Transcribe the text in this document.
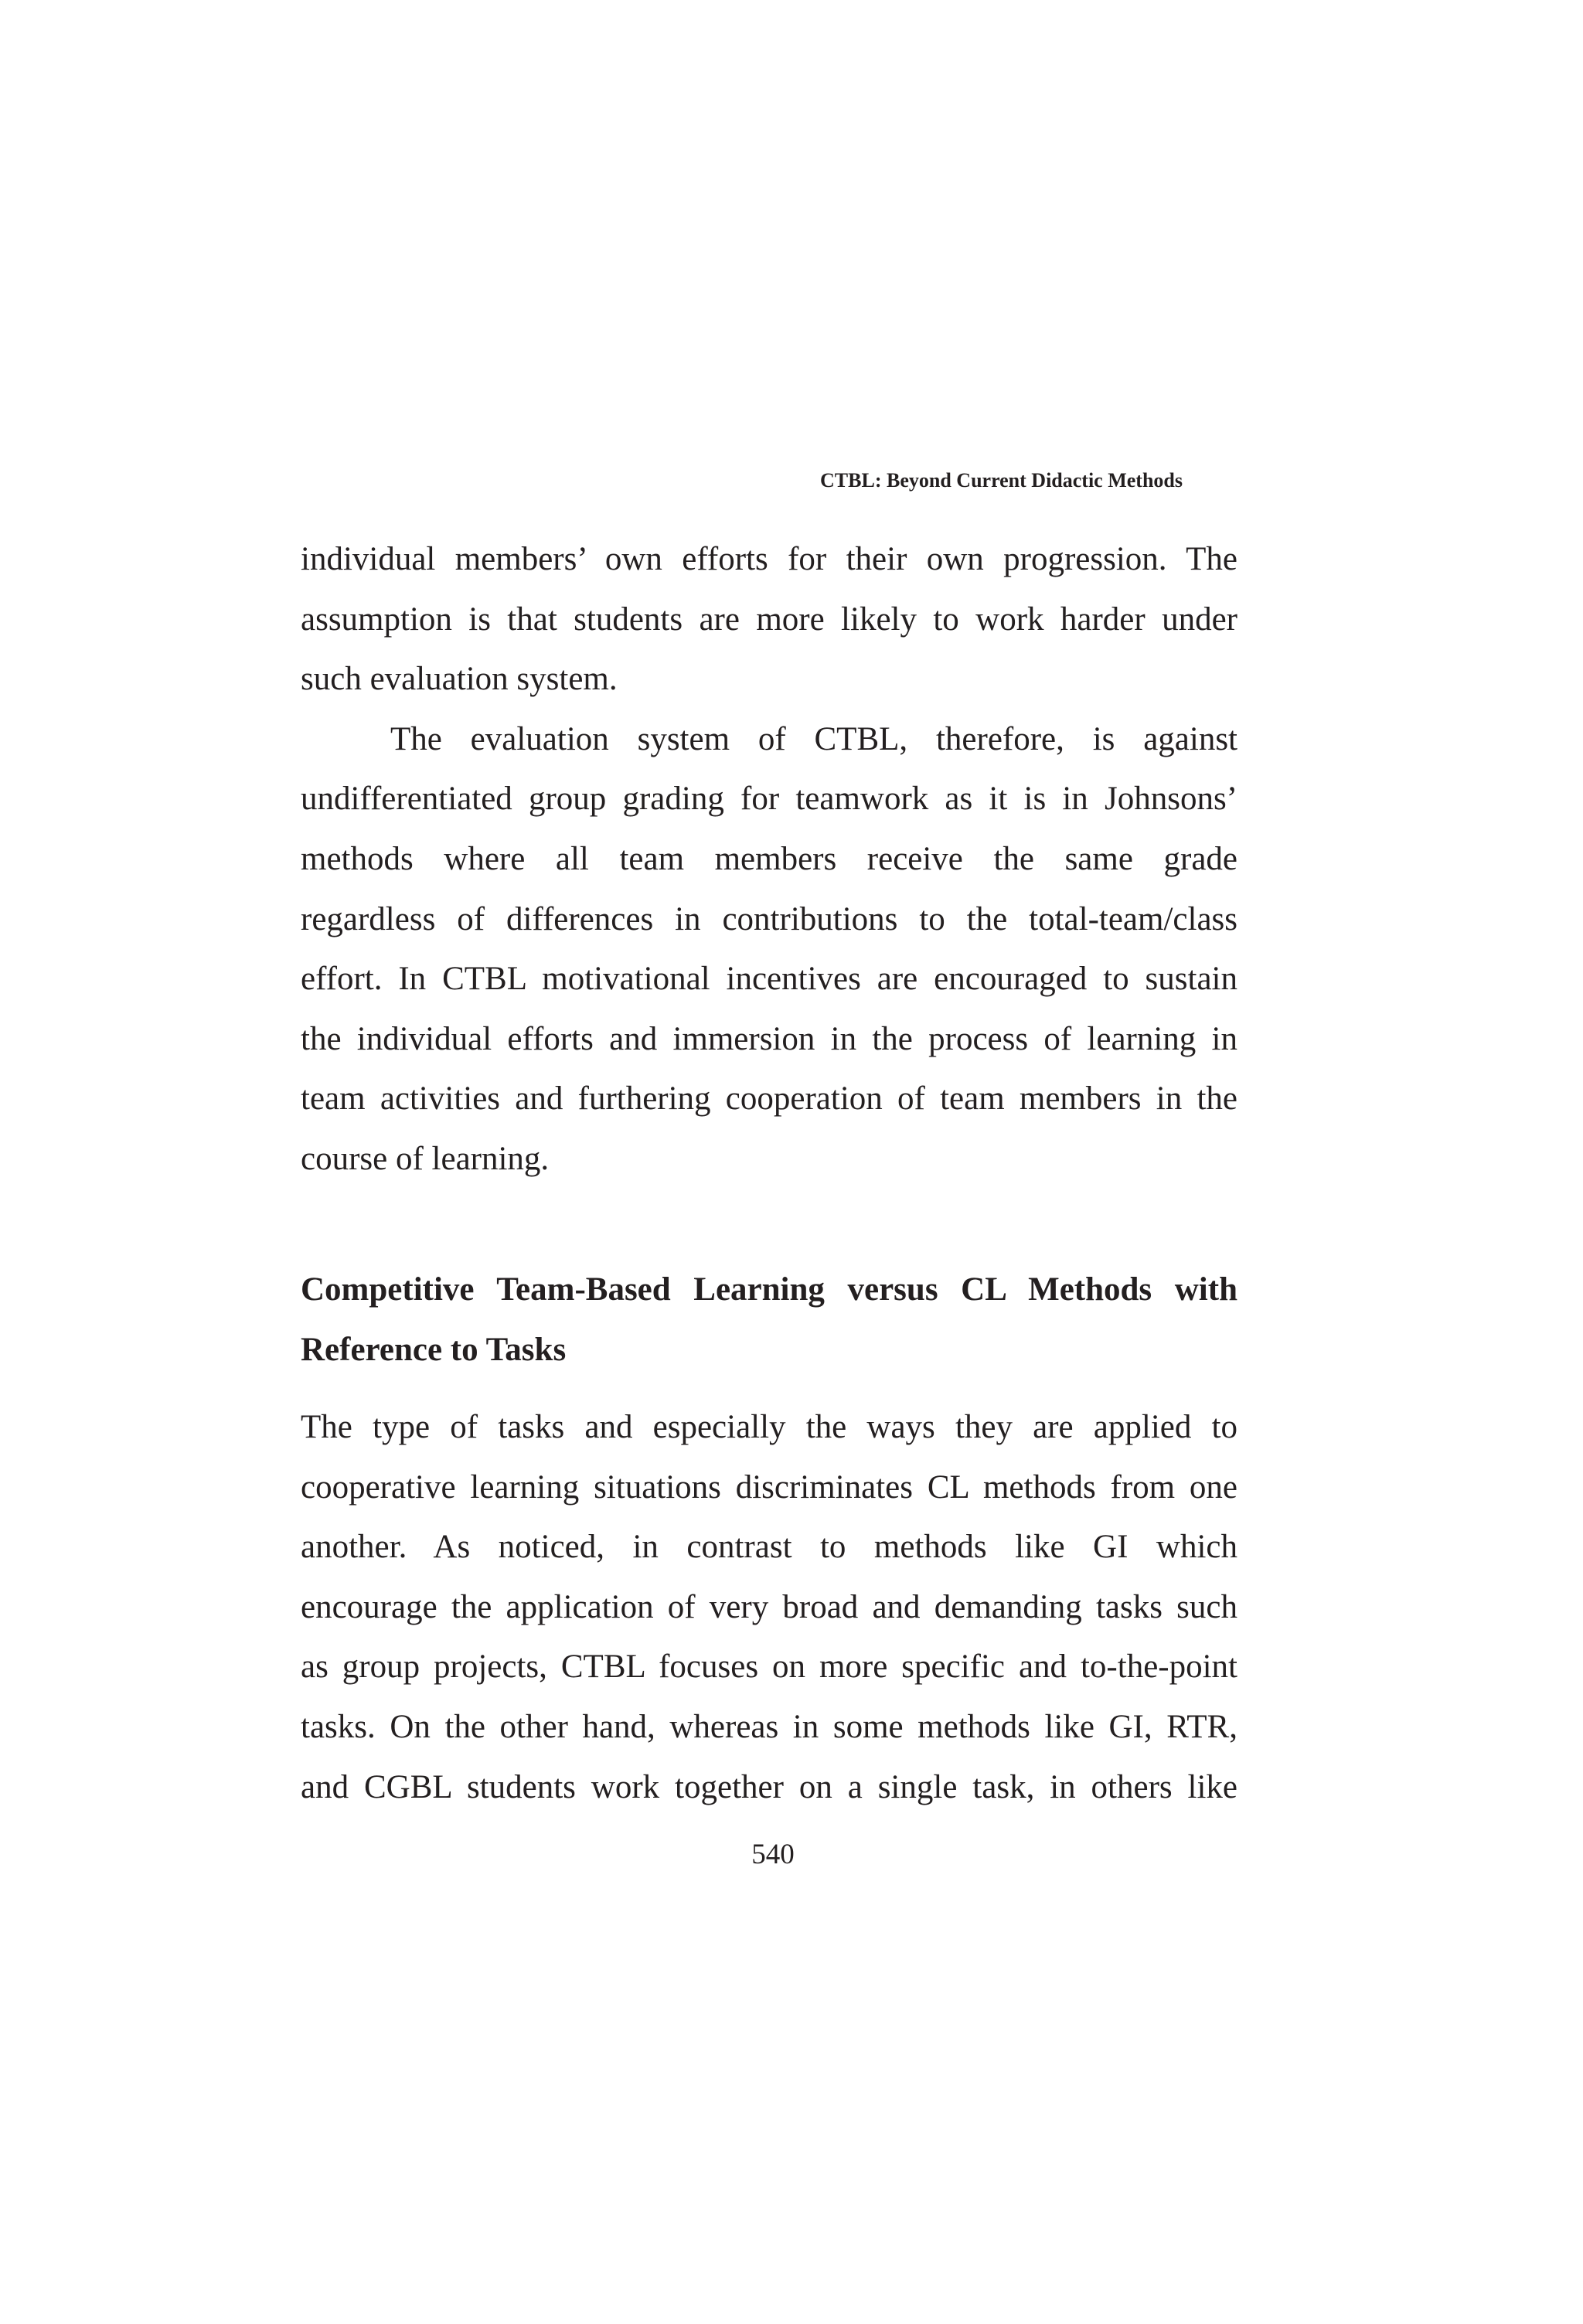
CTBL: Beyond Current Didactic Methods
individual members’ own efforts for their own progression. The
assumption is that students are more likely to work harder under
such evaluation system.
The evaluation system of CTBL, therefore, is against
undifferentiated group grading for teamwork as it is in Johnsons’
methods where all team members receive the same grade
regardless of differences in contributions to the total-team/class
effort. In CTBL motivational incentives are encouraged to sustain
the individual efforts and immersion in the process of learning in
team activities and furthering cooperation of team members in the
course of learning.
Competitive Team-Based Learning versus CL Methods with
Reference to Tasks
The type of tasks and especially the ways they are applied to
cooperative learning situations discriminates CL methods from one
another. As noticed, in contrast to methods like GI which
encourage the application of very broad and demanding tasks such
as group projects, CTBL focuses on more specific and to-the-point
tasks. On the other hand, whereas in some methods like GI, RTR,
and CGBL students work together on a single task, in others like
540
